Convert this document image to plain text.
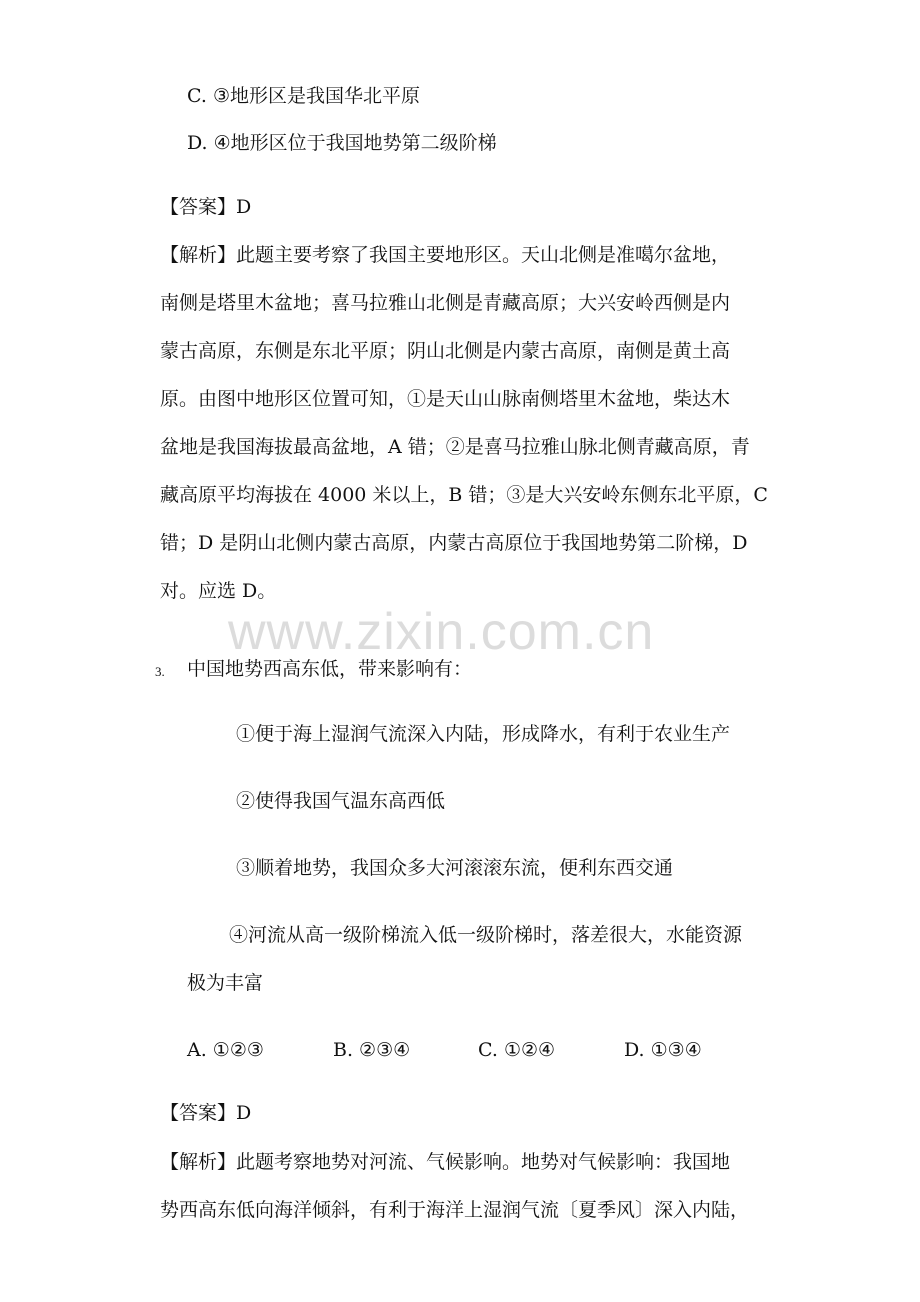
C. ③地形区是我国华北平原
D. ④地形区位于我国地势第二级阶梯
【答案】D
【解析】此题主要考察了我国主要地形区。天山北侧是准噶尔盆地，
南侧是塔里木盆地；喜马拉雅山北侧是青藏高原；大兴安岭西侧是内
蒙古高原，东侧是东北平原；阴山北侧是内蒙古高原，南侧是黄土高
原。由图中地形区位置可知，①是天山山脉南侧塔里木盆地，柴达木
盆地是我国海拔最高盆地，A 错；②是喜马拉雅山脉北侧青藏高原，青
藏高原平均海拔在 4000 米以上，B 错；③是大兴安岭东侧东北平原，C
错；D 是阴山北侧内蒙古高原，内蒙古高原位于我国地势第二阶梯，D
对。应选 D。
www.zixin.com.cn
3. 中国地势西高东低，带来影响有：
①便于海上湿润气流深入内陆，形成降水，有利于农业生产
②使得我国气温东高西低
③顺着地势，我国众多大河滚滚东流，便利东西交通
④河流从高一级阶梯流入低一级阶梯时，落差很大，水能资源
极为丰富
A. ①②③	B. ②③④	C. ①②④	D. ①③④
【答案】D
【解析】此题考察地势对河流、气候影响。地势对气候影响：我国地
势西高东低向海洋倾斜，有利于海洋上湿润气流〔夏季风〕深入内陆，
